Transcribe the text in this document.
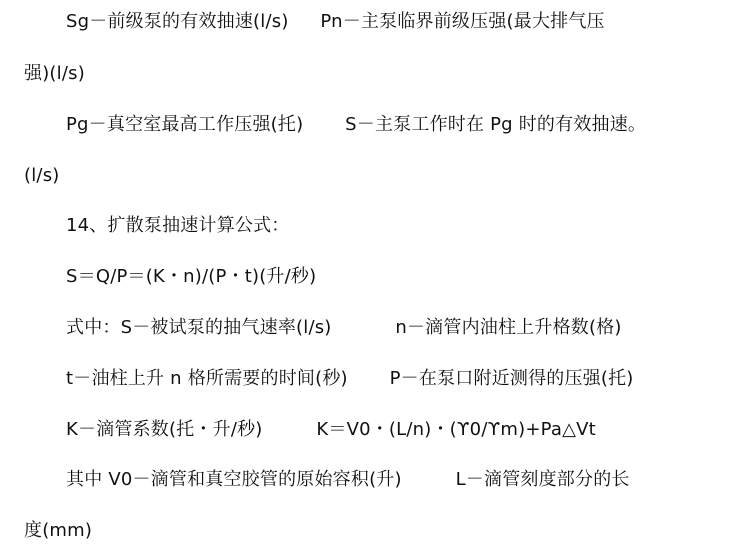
Sg－前级泵的有效抽速(l/s) Pn－主泵临界前级压强(最大排气压
强)(l/s)
Pg－真空室最高工作压强(托) S－主泵工作时在 Pg 时的有效抽速。
(l/s)
14、扩散泵抽速计算公式：
S＝Q/P＝(K・n)/(P・t)(升/秒)
式中：S－被试泵的抽气速率(l/s)	n－滴管内油柱上升格数(格)
t－油柱上升 n 格所需要的时间(秒) P－在泵口附近测得的压强(托)
K－滴管系数(托・升/秒)	K＝V0・(L/n)・(ϒ0/ϒm)+Pa△Vt
其中 V0－滴管和真空胶管的原始容积(升)	L－滴管刻度部分的长
度(mm)
